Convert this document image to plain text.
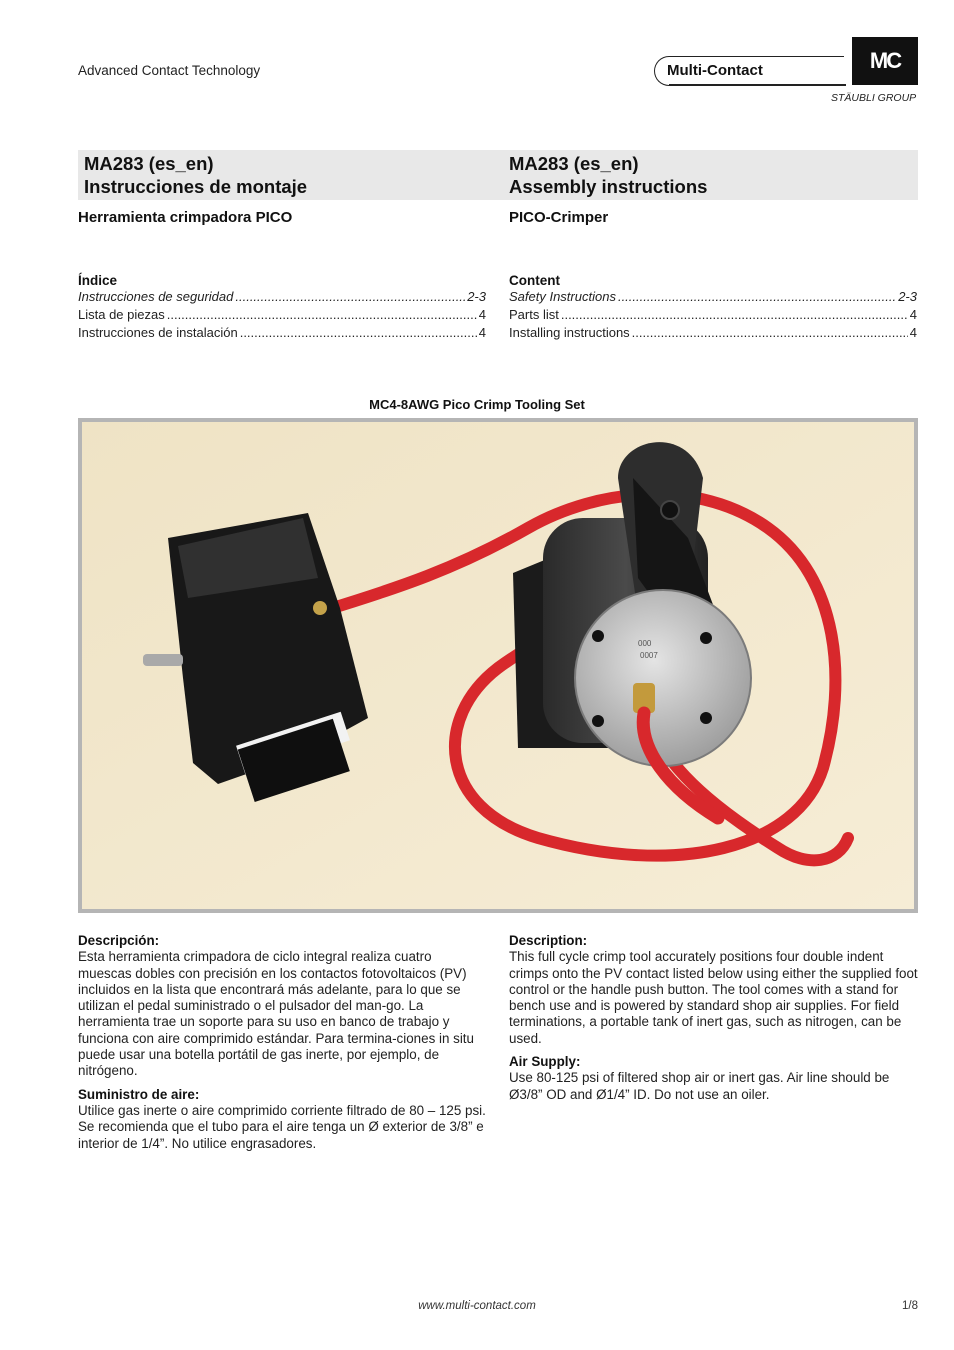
Advanced Contact Technology	Multi-Contact	MC
STÄUBLI GROUP
MA283 (es_en)
Instrucciones de montaje
MA283 (es_en)
Assembly instructions
Herramienta crimpadora PICO	PICO-Crimper
Índice
Instrucciones de seguridad .....	2-3
Lista de piezas .....	4
Instrucciones de instalación .....	4
Content
Safety Instructions .....	2-3
Parts list .....	4
Installing instructions .....	4
MC4-8AWG Pico Crimp Tooling Set
000
0007
Descripción:

Esta herramienta crimpadora de ciclo integral realiza cuatro muescas dobles con precisión en los contactos fotovoltaicos (PV) incluidos en la lista que encontrará más adelante, para lo que se utilizan el pedal suministrado o el pulsador del man-go. La herramienta trae un soporte para su uso en banco de trabajo y funciona con aire comprimido estándar. Para termina-ciones in situ puede usar una botella portátil de gas inerte, por ejemplo, de nitrógeno.

Suministro de aire:

Utilice gas inerte o aire comprimido corriente filtrado de 80 – 125 psi. Se recomienda que el tubo para el aire tenga un Ø exterior de 3/8” e interior de 1/4”. No utilice engrasadores.

Description:

This full cycle crimp tool accurately positions four double indent crimps onto the PV contact listed below using either the supplied foot control or the handle push button. The tool comes with a stand for bench use and is powered by standard shop air supplies. For field terminations, a portable tank of inert gas, such as nitrogen, can be used.

Air Supply:

Use 80-125 psi of filtered shop air or inert gas. Air line should be Ø3/8” OD and Ø1/4” ID. Do not use an oiler.

www.multi-contact.com	1/8
